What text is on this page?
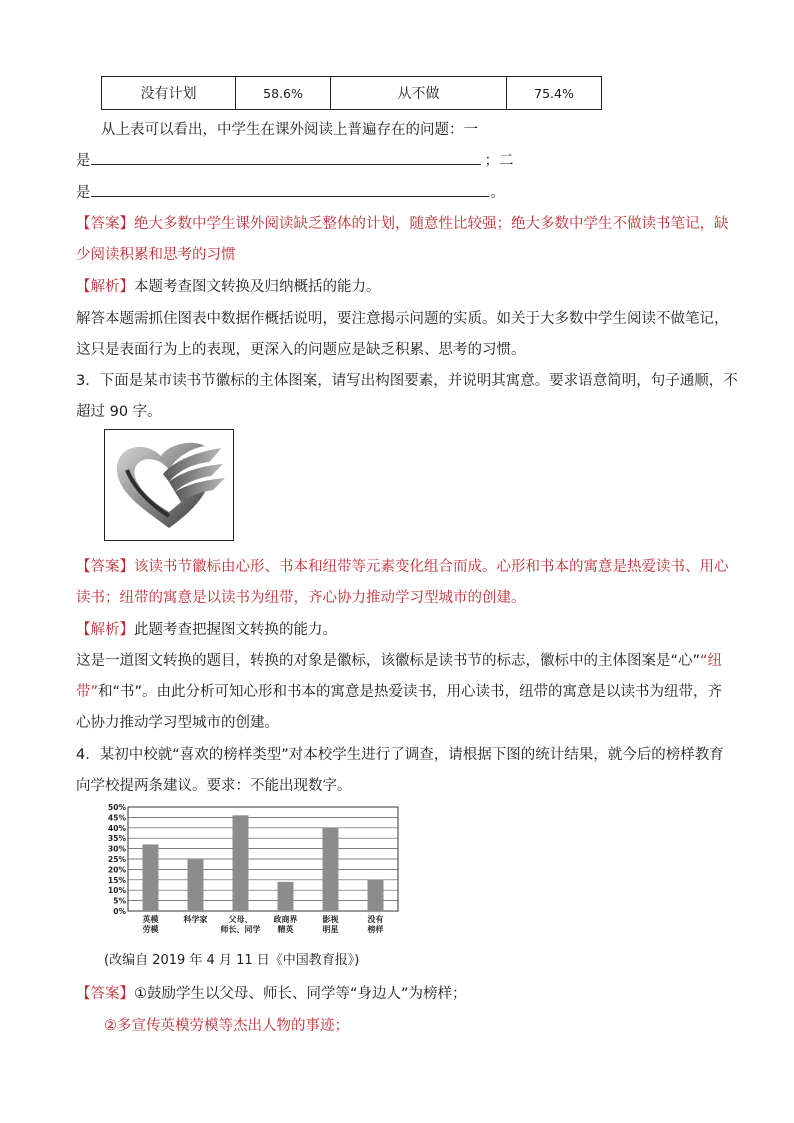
没有计划	58.6%	从不做	75.4%
从上表可以看出，中学生在课外阅读上普遍存在的问题：一
是	；二
是	。
【答案】绝大多数中学生课外阅读缺乏整体的计划，随意性比较强；绝大多数中学生不做读书笔记，缺
少阅读积累和思考的习惯
【解析】本题考查图文转换及归纳概括的能力。
解答本题需抓住图表中数据作概括说明，要注意揭示问题的实质。如关于大多数中学生阅读不做笔记，
这只是表面行为上的表现，更深入的问题应是缺乏积累、思考的习惯。
3．下面是某市读书节徽标的主体图案，请写出构图要素，并说明其寓意。要求语意简明，句子通顺，不
超过 90 字。
【答案】该读书节徽标由心形、书本和纽带等元素变化组合而成。心形和书本的寓意是热爱读书、用心
读书；纽带的寓意是以读书为纽带，齐心协力推动学习型城市的创建。
【解析】此题考查把握图文转换的能力。
这是一道图文转换的题目，转换的对象是徽标，该徽标是读书节的标志，徽标中的主体图案是“心”“纽
带”和“书”。由此分析可知心形和书本的寓意是热爱读书，用心读书，纽带的寓意是以读书为纽带，齐
心协力推动学习型城市的创建。
4．某初中校就“喜欢的榜样类型”对本校学生进行了调查，请根据下图的统计结果，就今后的榜样教育
向学校提两条建议。要求：不能出现数字。
0%
5%
10%
15%
20%
25%
30%
35%
40%
45%
50%
英模
劳模
科学家	父母、
师长、同学
政商界
精英
影视
明星
没有
榜样
(改编自 2019 年 4 月 11 日《中国教育报》)
【答案】①鼓励学生以父母、师长、同学等“身边人”为榜样；
②多宣传英模劳模等杰出人物的事迹；
